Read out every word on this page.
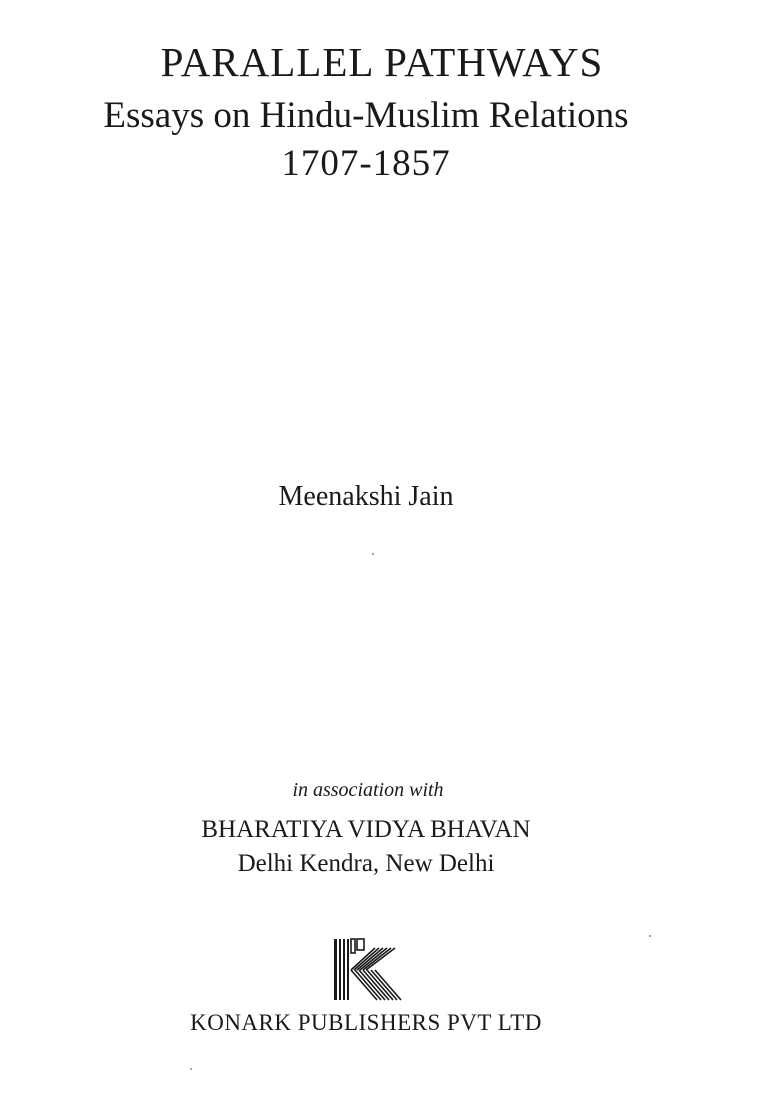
PARALLEL PATHWAYS
Essays on Hindu-Muslim Relations
1707-1857
Meenakshi Jain
in association with
BHARATIYA VIDYA BHAVAN
Delhi Kendra, New Delhi
KONARK PUBLISHERS PVT LTD
